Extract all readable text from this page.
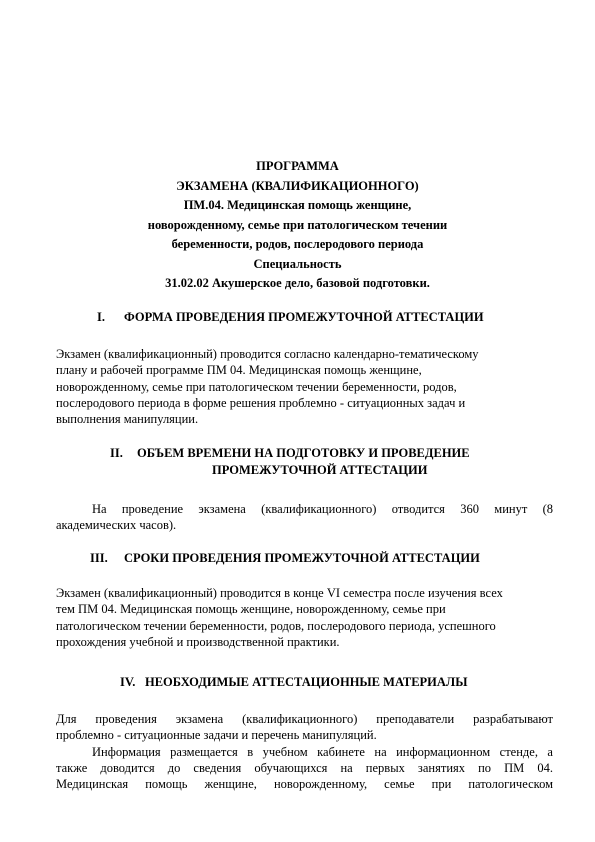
ПРОГРАММА
ЭКЗАМЕНА (КВАЛИФИКАЦИОННОГО)
ПМ.04. Медицинская помощь женщине,
новорожденному, семье при патологическом течении
беременности, родов, послеродового периода
Специальность
31.02.02 Акушерское дело, базовой подготовки.
I. ФОРМА ПРОВЕДЕНИЯ ПРОМЕЖУТОЧНОЙ АТТЕСТАЦИИ
Экзамен (квалификационный) проводится согласно календарно-тематическому
плану и рабочей программе ПМ 04. Медицинская помощь женщине,
новорожденному, семье при патологическом течении беременности, родов,
послеродового периода в форме решения проблемно - ситуационных задач и
выполнения манипуляции.
II. ОБЪЕМ ВРЕМЕНИ НА ПОДГОТОВКУ И ПРОВЕДЕНИЕ
ПРОМЕЖУТОЧНОЙ АТТЕСТАЦИИ
На проведение экзамена (квалификационного) отводится 360 минут (8
академических часов).
III. СРОКИ ПРОВЕДЕНИЯ ПРОМЕЖУТОЧНОЙ АТТЕСТАЦИИ
Экзамен (квалификационный) проводится в конце VI семестра после изучения всех
тем ПМ 04. Медицинская помощь женщине, новорожденному, семье при
патологическом течении беременности, родов, послеродового периода, успешного
прохождения учебной и производственной практики.
IV. НЕОБХОДИМЫЕ АТТЕСТАЦИОННЫЕ МАТЕРИАЛЫ
Для проведения экзамена (квалификационного) преподаватели разрабатывают
проблемно - ситуационные задачи и перечень манипуляций.
Информация размещается в учебном кабинете на информационном стенде, а
также доводится до сведения обучающихся на первых занятиях по ПМ 04.
Медицинская помощь женщине, новорожденному, семье при патологическом
